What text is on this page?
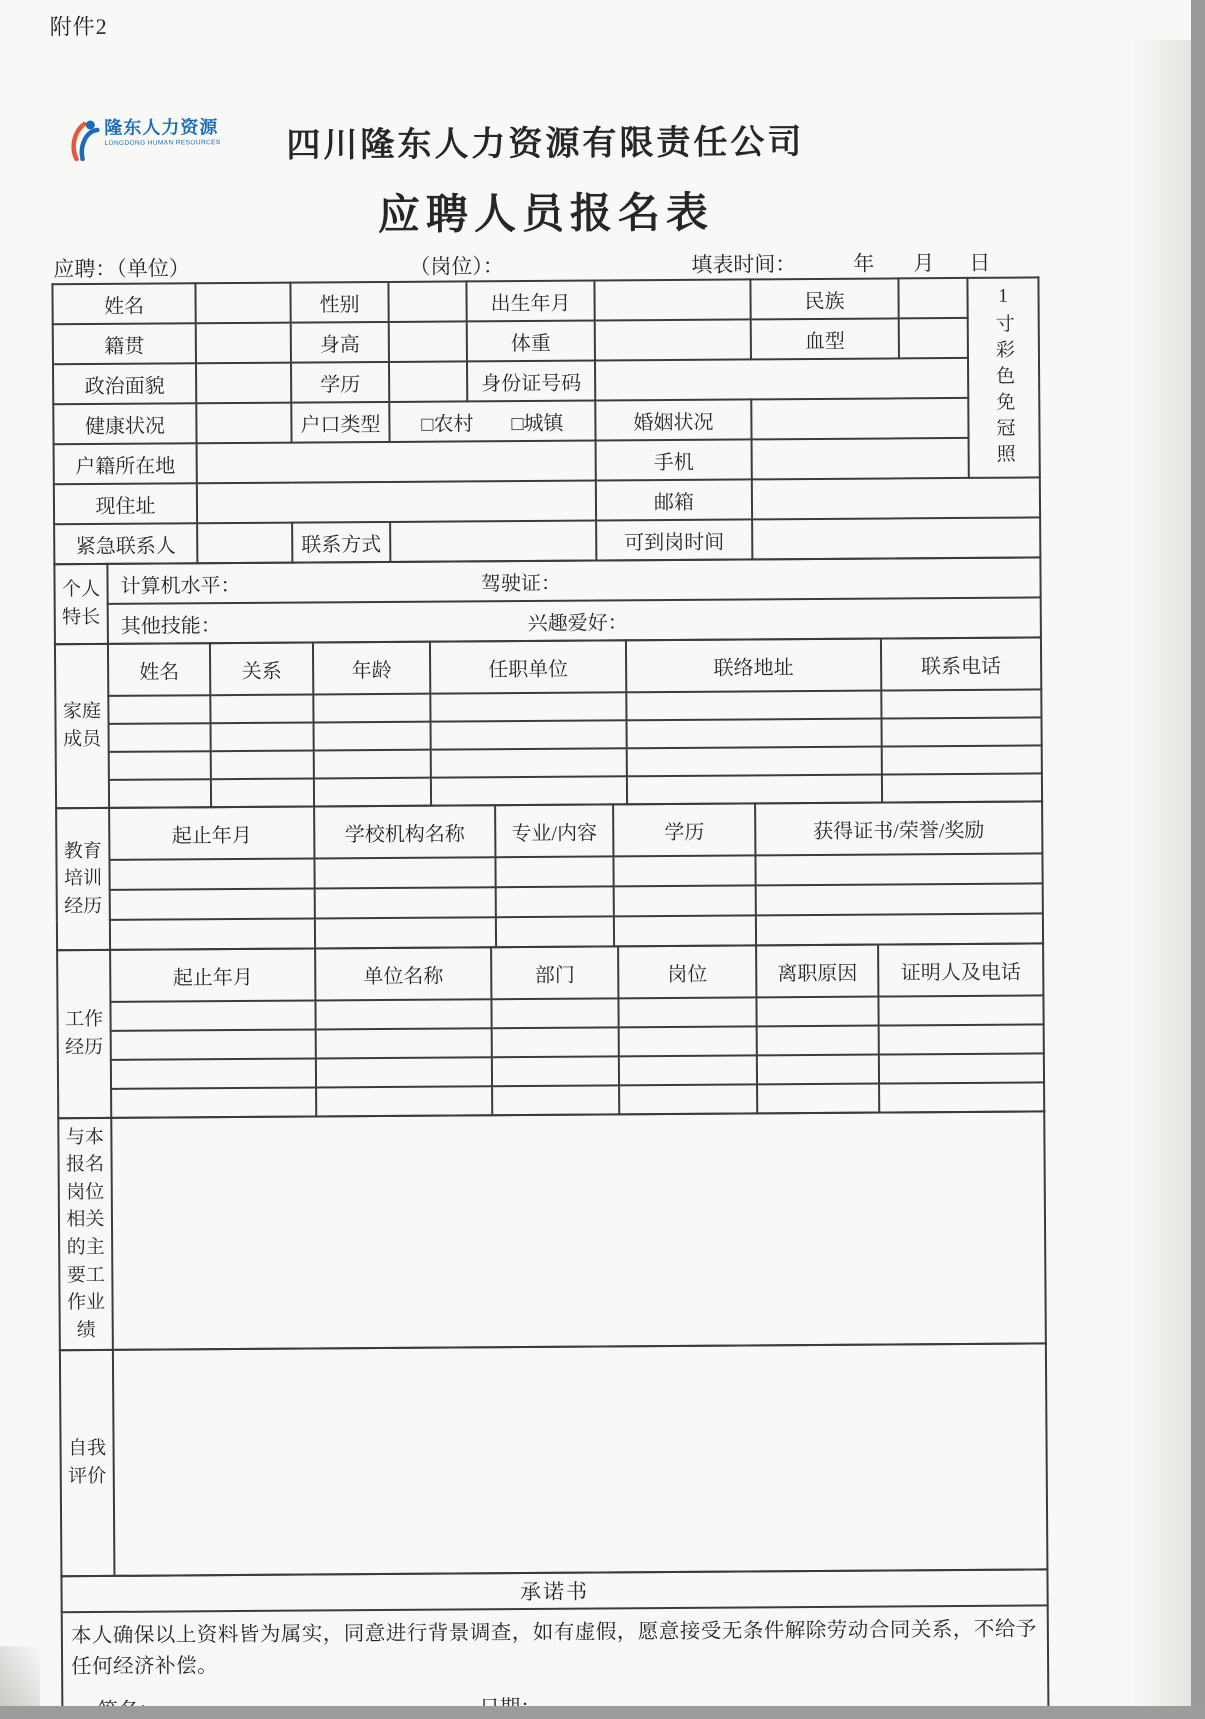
附件2
隆东人力资源
LONGDONG HUMAN RESOURCES	四川隆东人力资源有限责任公司
应聘人员报名表
应聘：（单位）	（岗位）：	填表时间：	年 月 日
姓名		性别		出生年月		民族		1寸彩色免冠照

籍贯		身高		体重		血型		
政治面貌		学历		身份证号码				
健康状况		户口类型	□农村 □城镇		婚姻状况			
户籍所在地					手机			
现住址					邮箱			
紧急联系人		联系方式			可到岗时间			
个人特长	计算机水平：	驾驶证：

其他技能：	兴趣爱好：
家庭成员	姓名	关系	年龄	任职单位	联络地址	联系电话

教育培训经历	起止年月	学校机构名称	专业/内容	学历	获得证书/荣誉/奖励

工作经历	起止年月	单位名称	部门	岗位	离职原因	证明人及电话

与本报名岗位相关的主要工作业绩	
自我评价	
承诺书

本人确保以上资料皆为属实，同意进行背景调查，如有虚假，愿意接受无条件解除劳动合同关系，不给予任何经济补偿。
